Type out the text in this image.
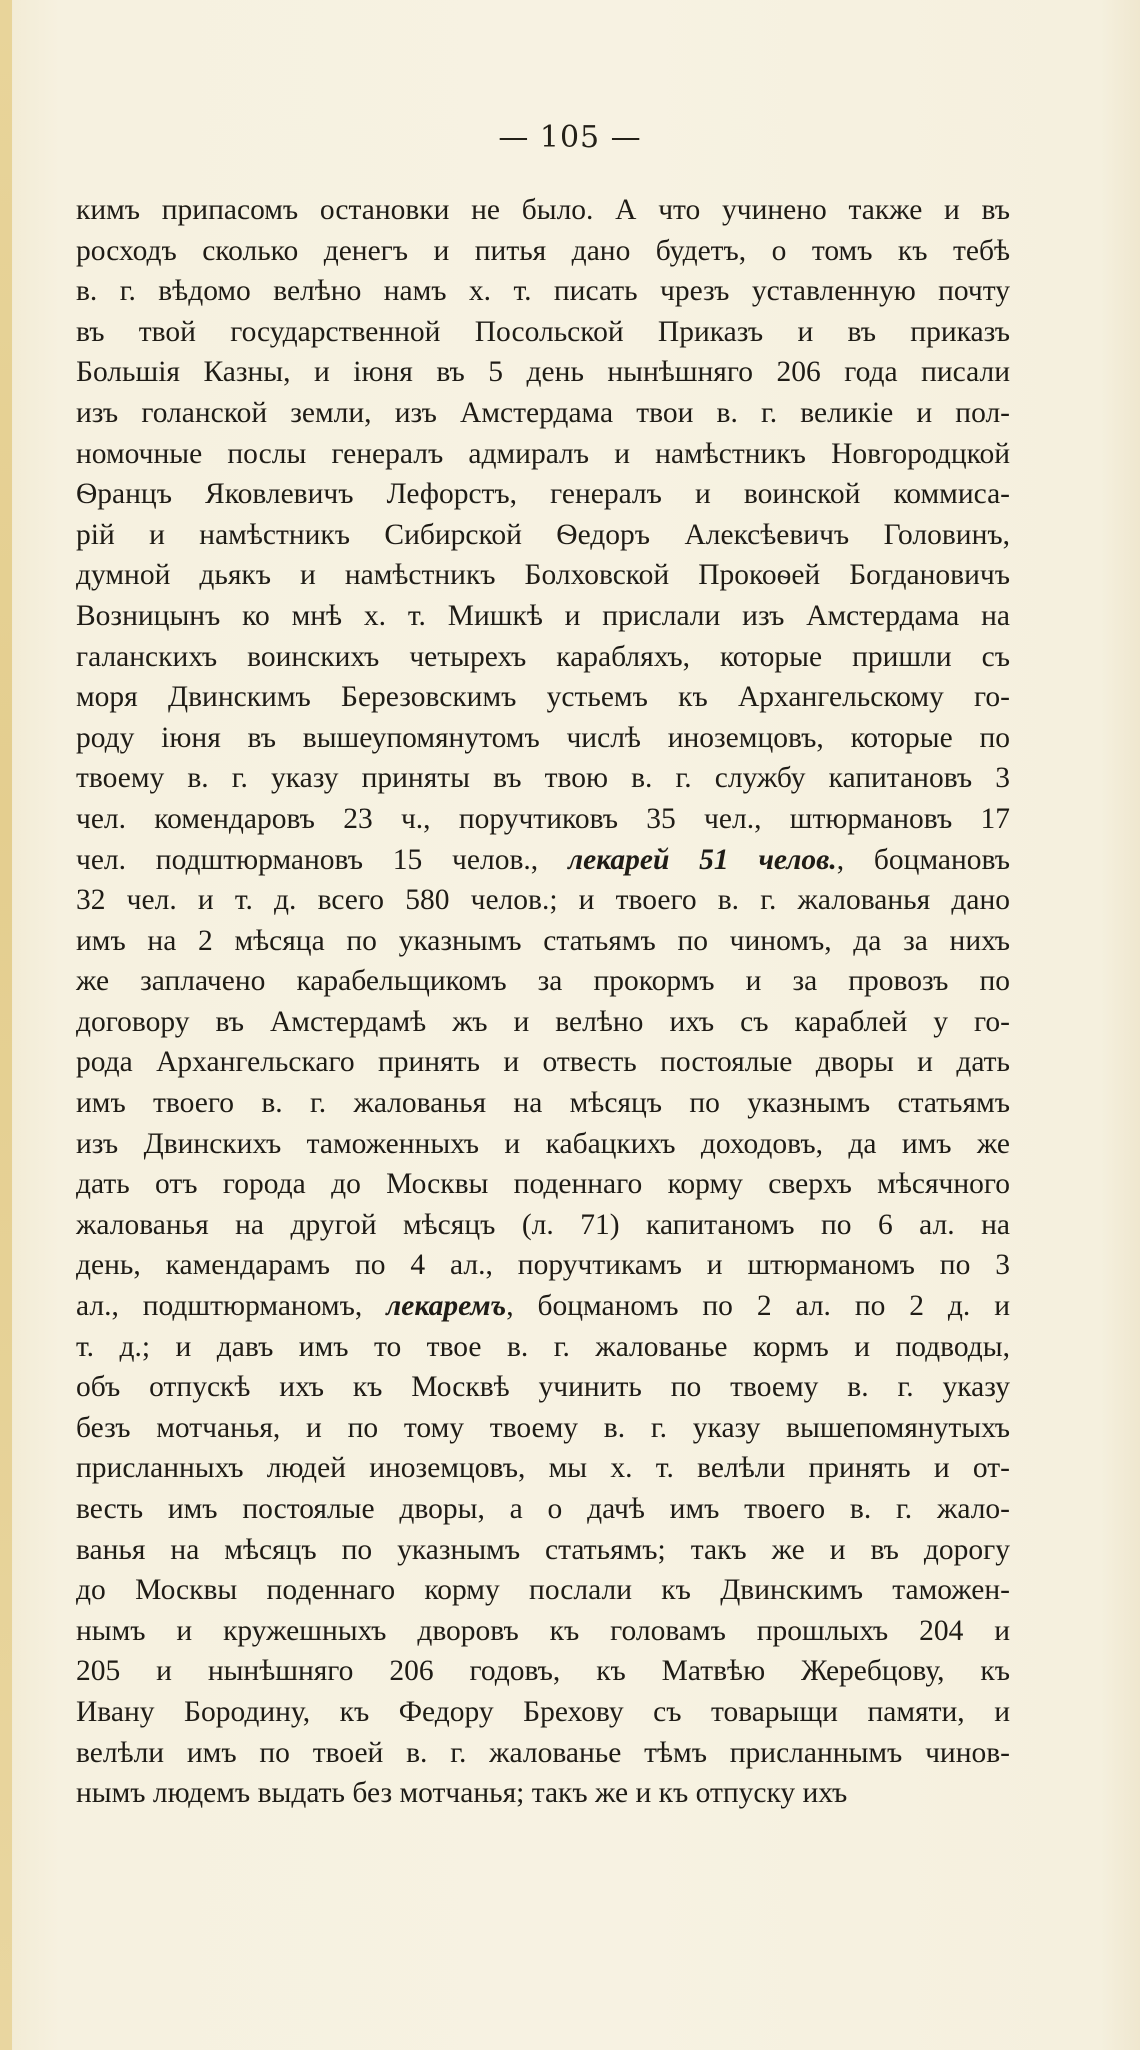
— 105 —
кимъ припасомъ остановки не было. А что учинено также и въ
росходъ сколько денегъ и питья дано будетъ, о томъ къ тебѣ
в. г. вѣдомо велѣно намъ х. т. писать чрезъ уставленную почту
въ твой государственной Посольской Приказъ и въ приказъ
Большія Казны, и іюня въ 5 день нынѣшняго 206 года писали
изъ голанской земли, изъ Амстердама твои в. г. великіе и пол-
номочные послы генералъ адмиралъ и намѣстникъ Новгородцкой
Ѳранцъ Яковлевичъ Лефорстъ, генералъ и воинской коммиса-
рій и намѣстникъ Сибирской Ѳедоръ Алексѣевичъ Головинъ,
думной дьякъ и намѣстникъ Болховской Прокоѳей Богдановичъ
Возницынъ ко мнѣ х. т. Мишкѣ и прислали изъ Амстердама на
галанскихъ воинскихъ четырехъ карабляхъ, которые пришли съ
моря Двинскимъ Березовскимъ устьемъ къ Архангельскому го-
роду іюня въ вышеупомянутомъ числѣ иноземцовъ, которые по
твоему в. г. указу приняты въ твою в. г. службу капитановъ 3
чел. комендаровъ 23 ч., поручтиковъ 35 чел., штюрмановъ 17
чел. подштюрмановъ 15 челов., лекарей 51 челов., боцмановъ
32 чел. и т. д. всего 580 челов.; и твоего в. г. жалованья дано
имъ на 2 мѣсяца по указнымъ статьямъ по чиномъ, да за нихъ
же заплачено карабельщикомъ за прокормъ и за провозъ по
договору въ Амстердамѣ жъ и велѣно ихъ съ караблей у го-
рода Архангельскаго принять и отвесть постоялые дворы и дать
имъ твоего в. г. жалованья на мѣсяцъ по указнымъ статьямъ
изъ Двинскихъ таможенныхъ и кабацкихъ доходовъ, да имъ же
дать отъ города до Москвы поденнаго корму сверхъ мѣсячного
жалованья на другой мѣсяцъ (л. 71) капитаномъ по 6 ал. на
день, камендарамъ по 4 ал., поручтикамъ и штюрманомъ по 3
ал., подштюрманомъ, лекаремъ, боцманомъ по 2 ал. по 2 д. и
т. д.; и давъ имъ то твое в. г. жалованье кормъ и подводы,
объ отпускѣ ихъ къ Москвѣ учинить по твоему в. г. указу
безъ мотчанья, и по тому твоему в. г. указу вышепомянутыхъ
присланныхъ людей иноземцовъ, мы х. т. велѣли принять и от-
весть имъ постоялые дворы, а о дачѣ имъ твоего в. г. жало-
ванья на мѣсяцъ по указнымъ статьямъ; такъ же и въ дорогу
до Москвы поденнаго корму послали къ Двинскимъ таможен-
нымъ и кружешныхъ дворовъ къ головамъ прошлыхъ 204 и
205 и нынѣшняго 206 годовъ, къ Матвѣю Жеребцову, къ
Ивану Бородину, къ Федору Брехову съ товарыщи памяти, и
велѣли имъ по твоей в. г. жалованье тѣмъ присланнымъ чинов-
нымъ людемъ выдать без мотчанья; такъ же и къ отпуску ихъ
